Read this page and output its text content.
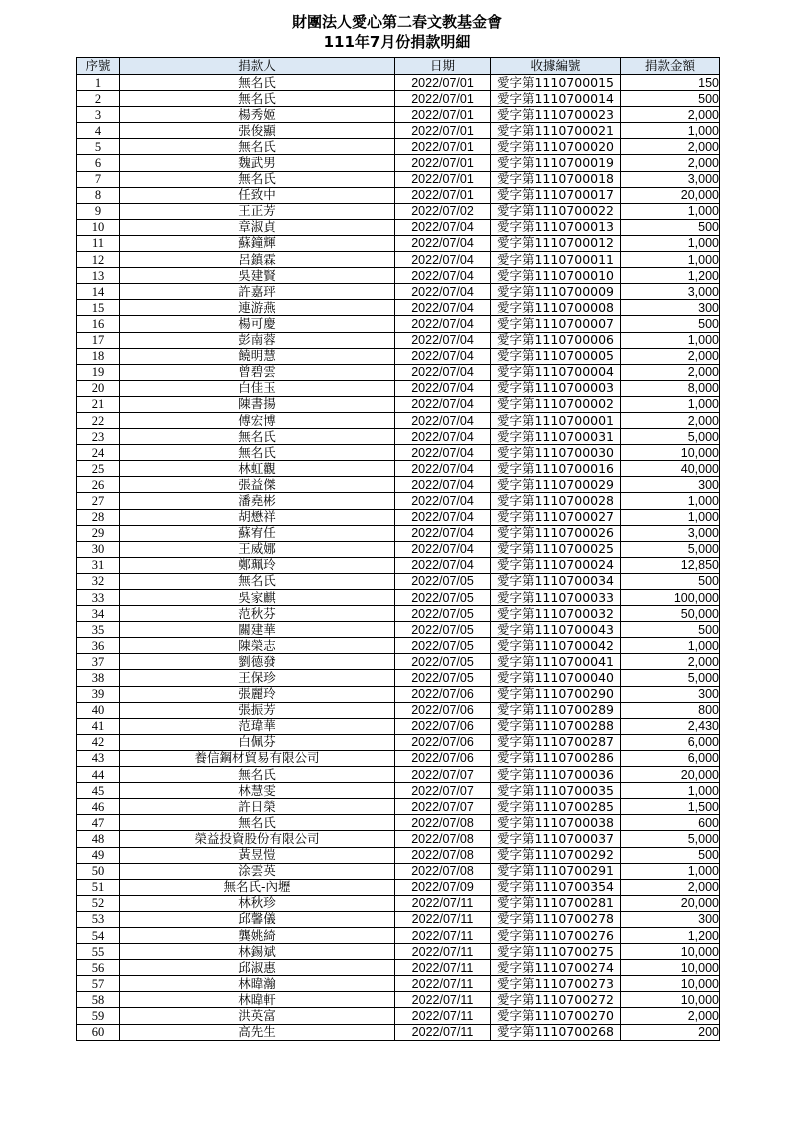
財團法人愛心第二春文教基金會
111年7月份捐款明細
序號	捐款人	日期	收據編號	捐款金額
1	無名氏	2022/07/01	愛字第1110700015	150
2	無名氏	2022/07/01	愛字第1110700014	500
3	楊秀姬	2022/07/01	愛字第1110700023	2,000
4	張俊顯	2022/07/01	愛字第1110700021	1,000
5	無名氏	2022/07/01	愛字第1110700020	2,000
6	魏武男	2022/07/01	愛字第1110700019	2,000
7	無名氏	2022/07/01	愛字第1110700018	3,000
8	任致中	2022/07/01	愛字第1110700017	20,000
9	王正芳	2022/07/02	愛字第1110700022	1,000
10	章淑貞	2022/07/04	愛字第1110700013	500
11	蘇鐘輝	2022/07/04	愛字第1110700012	1,000
12	呂鎮霖	2022/07/04	愛字第1110700011	1,000
13	吳建賢	2022/07/04	愛字第1110700010	1,200
14	許嘉玶	2022/07/04	愛字第1110700009	3,000
15	連游燕	2022/07/04	愛字第1110700008	300
16	楊可慶	2022/07/04	愛字第1110700007	500
17	彭南蓉	2022/07/04	愛字第1110700006	1,000
18	饒明慧	2022/07/04	愛字第1110700005	2,000
19	曾碧雲	2022/07/04	愛字第1110700004	2,000
20	白佳玉	2022/07/04	愛字第1110700003	8,000
21	陳書揚	2022/07/04	愛字第1110700002	1,000
22	傅宏博	2022/07/04	愛字第1110700001	2,000
23	無名氏	2022/07/04	愛字第1110700031	5,000
24	無名氏	2022/07/04	愛字第1110700030	10,000
25	林虹觀	2022/07/04	愛字第1110700016	40,000
26	張益傑	2022/07/04	愛字第1110700029	300
27	潘堯彬	2022/07/04	愛字第1110700028	1,000
28	胡懋祥	2022/07/04	愛字第1110700027	1,000
29	蘇宥任	2022/07/04	愛字第1110700026	3,000
30	王威娜	2022/07/04	愛字第1110700025	5,000
31	鄭珮玲	2022/07/04	愛字第1110700024	12,850
32	無名氏	2022/07/05	愛字第1110700034	500
33	吳家麒	2022/07/05	愛字第1110700033	100,000
34	范秋芬	2022/07/05	愛字第1110700032	50,000
35	關建華	2022/07/05	愛字第1110700043	500
36	陳榮志	2022/07/05	愛字第1110700042	1,000
37	劉德發	2022/07/05	愛字第1110700041	2,000
38	王保珍	2022/07/05	愛字第1110700040	5,000
39	張麗玲	2022/07/06	愛字第1110700290	300
40	張振芳	2022/07/06	愛字第1110700289	800
41	范瑋華	2022/07/06	愛字第1110700288	2,430
42	白佩芬	2022/07/06	愛字第1110700287	6,000
43	養信鋼材貿易有限公司	2022/07/06	愛字第1110700286	6,000
44	無名氏	2022/07/07	愛字第1110700036	20,000
45	林慧雯	2022/07/07	愛字第1110700035	1,000
46	許日榮	2022/07/07	愛字第1110700285	1,500
47	無名氏	2022/07/08	愛字第1110700038	600
48	榮益投資股份有限公司	2022/07/08	愛字第1110700037	5,000
49	黃昱愷	2022/07/08	愛字第1110700292	500
50	涂雲英	2022/07/08	愛字第1110700291	1,000
51	無名氏-內壢	2022/07/09	愛字第1110700354	2,000
52	林秋珍	2022/07/11	愛字第1110700281	20,000
53	邱馨儀	2022/07/11	愛字第1110700278	300
54	龔姚綺	2022/07/11	愛字第1110700276	1,200
55	林錫斌	2022/07/11	愛字第1110700275	10,000
56	邱淑惠	2022/07/11	愛字第1110700274	10,000
57	林暐瀚	2022/07/11	愛字第1110700273	10,000
58	林暐軒	2022/07/11	愛字第1110700272	10,000
59	洪英富	2022/07/11	愛字第1110700270	2,000
60	高先生	2022/07/11	愛字第1110700268	200
